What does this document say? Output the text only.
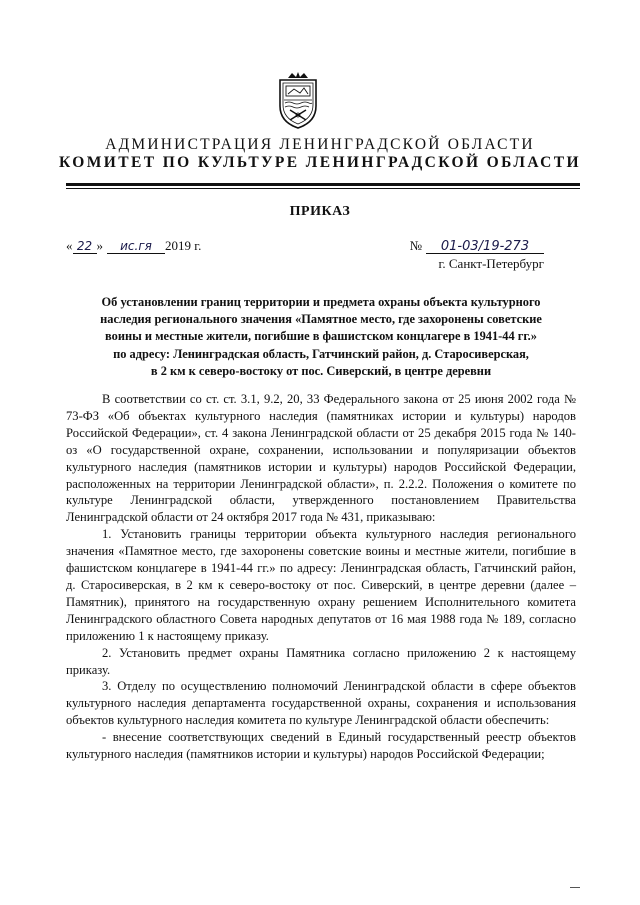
АДМИНИСТРАЦИЯ ЛЕНИНГРАДСКОЙ ОБЛАСТИ
КОМИТЕТ ПО КУЛЬТУРЕ ЛЕНИНГРАДСКОЙ ОБЛАСТИ
ПРИКАЗ
« 22 » ис.гя 2019 г.	№ 01-03/19-273
г. Санкт-Петербург
Об установлении границ территории и предмета охраны объекта культурного
наследия регионального значения «Памятное место, где захоронены советские
воины и местные жители, погибшие в фашистском концлагере в 1941-44 гг.»
по адресу: Ленинградская область, Гатчинский район, д. Старосиверская,
в 2 км к северо-востоку от пос. Сиверский, в центре деревни

В соответствии со ст. ст. 3.1, 9.2, 20, 33 Федерального закона от 25 июня 2002 года № 73-ФЗ «Об объектах культурного наследия (памятниках истории и культуры) народов Российской Федерации», ст. 4 закона Ленинградской области от 25 декабря 2015 года № 140-оз «О государственной охране, сохранении, использовании и популяризации объектов культурного наследия (памятников истории и культуры) народов Российской Федерации, расположенных на территории Ленинградской области», п. 2.2.2. Положения о комитете по культуре Ленинградской области, утвержденного постановлением Правительства Ленинградской области от 24 октября 2017 года № 431, приказываю:

1. Установить границы территории объекта культурного наследия регионального значения «Памятное место, где захоронены советские воины и местные жители, погибшие в фашистском концлагере в 1941-44 гг.» по адресу: Ленинградская область, Гатчинский район, д. Старосиверская, в 2 км к северо-востоку от пос. Сиверский, в центре деревни (далее – Памятник), принятого на государственную охрану решением Исполнительного комитета Ленинградского областного Совета народных депутатов от 16 мая 1988 года № 189, согласно приложению 1 к настоящему приказу.

2. Установить предмет охраны Памятника согласно приложению 2 к настоящему приказу.

3. Отделу по осуществлению полномочий Ленинградской области в сфере объектов культурного наследия департамента государственной охраны, сохранения и использования объектов культурного наследия комитета по культуре Ленинградской области обеспечить:

- внесение соответствующих сведений в Единый государственный реестр объектов культурного наследия (памятников истории и культуры) народов Российской Федерации;
